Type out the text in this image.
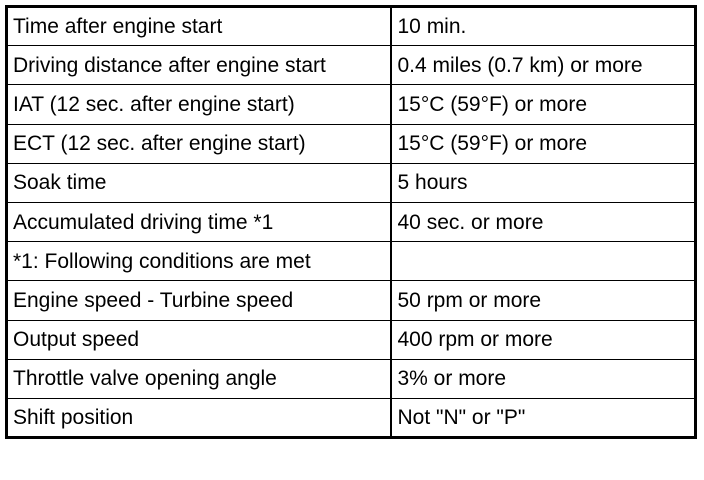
Time after engine start	10 min.
Driving distance after engine start	0.4 miles (0.7 km) or more
IAT (12 sec. after engine start)	15°C (59°F) or more
ECT (12 sec. after engine start)	15°C (59°F) or more
Soak time	5 hours
Accumulated driving time *1	40 sec. or more
*1: Following conditions are met	
Engine speed - Turbine speed	50 rpm or more
Output speed	400 rpm or more
Throttle valve opening angle	3% or more
Shift position	Not "N" or "P"
